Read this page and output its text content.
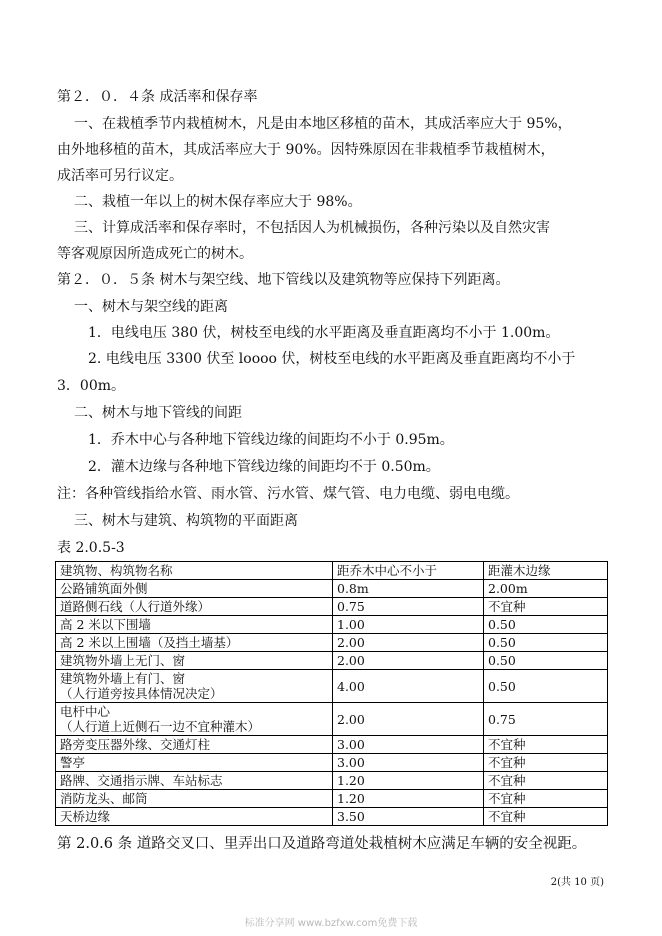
第２．０．４条 成活率和保存率
一、在栽植季节内栽植树木，凡是由本地区移植的苗木，其成活率应大于 95%，
由外地移植的苗木，其成活率应大于 90%。因特殊原因在非栽植季节栽植树木，
成活率可另行议定。
二、栽植一年以上的树木保存率应大于 98%。
三、计算成活率和保存率时，不包括因人为机械损伤，各种污染以及自然灾害
等客观原因所造成死亡的树木。
第２．０．５条 树木与架空线、地下管线以及建筑物等应保持下列距离。
一、树木与架空线的距离
1．电线电压 380 伏，树枝至电线的水平距离及垂直距离均不小于 1.00m。
2. 电线电压 3300 伏至 loooo 伏，树枝至电线的水平距离及垂直距离均不小于
3．00m。
二、树木与地下管线的间距
1．乔木中心与各种地下管线边缘的间距均不小于 0.95m。
2．灌木边缘与各种地下管线边缘的间距均不于 0.50m。
注：各种管线指给水管、雨水管、污水管、煤气管、电力电缆、弱电电缆。
三、树木与建筑、构筑物的平面距离
表 2.0.5-3
建筑物、构筑物名称	距乔木中心不小于	距灌木边缘

公路铺筑面外侧	0.8m	2.00m

道路侧石线（人行道外缘）	0.75	不宜种

高 2 米以下围墙	1.00	0.50

高 2 米以上围墙（及挡土墙基）	2.00	0.50

建筑物外墙上无门、窗	2.00	0.50

建筑物外墙上有门、窗
（人行道旁按具体情况决定）	4.00	0.50

电杆中心
（人行道上近侧石一边不宜种灌木）	2.00	0.75

路旁变压器外缘、交通灯柱	3.00	不宜种

警亭	3.00	不宜种

路牌、交通指示牌、车站标志	1.20	不宜种

消防龙头、邮筒	1.20	不宜种

天桥边缘	3.50	不宜种
第 2.0.6 条 道路交叉口、里弄出口及道路弯道处栽植树木应满足车辆的安全视距。
2(共 10 页)
标准分享网 www.bzfxw.com免费下载
